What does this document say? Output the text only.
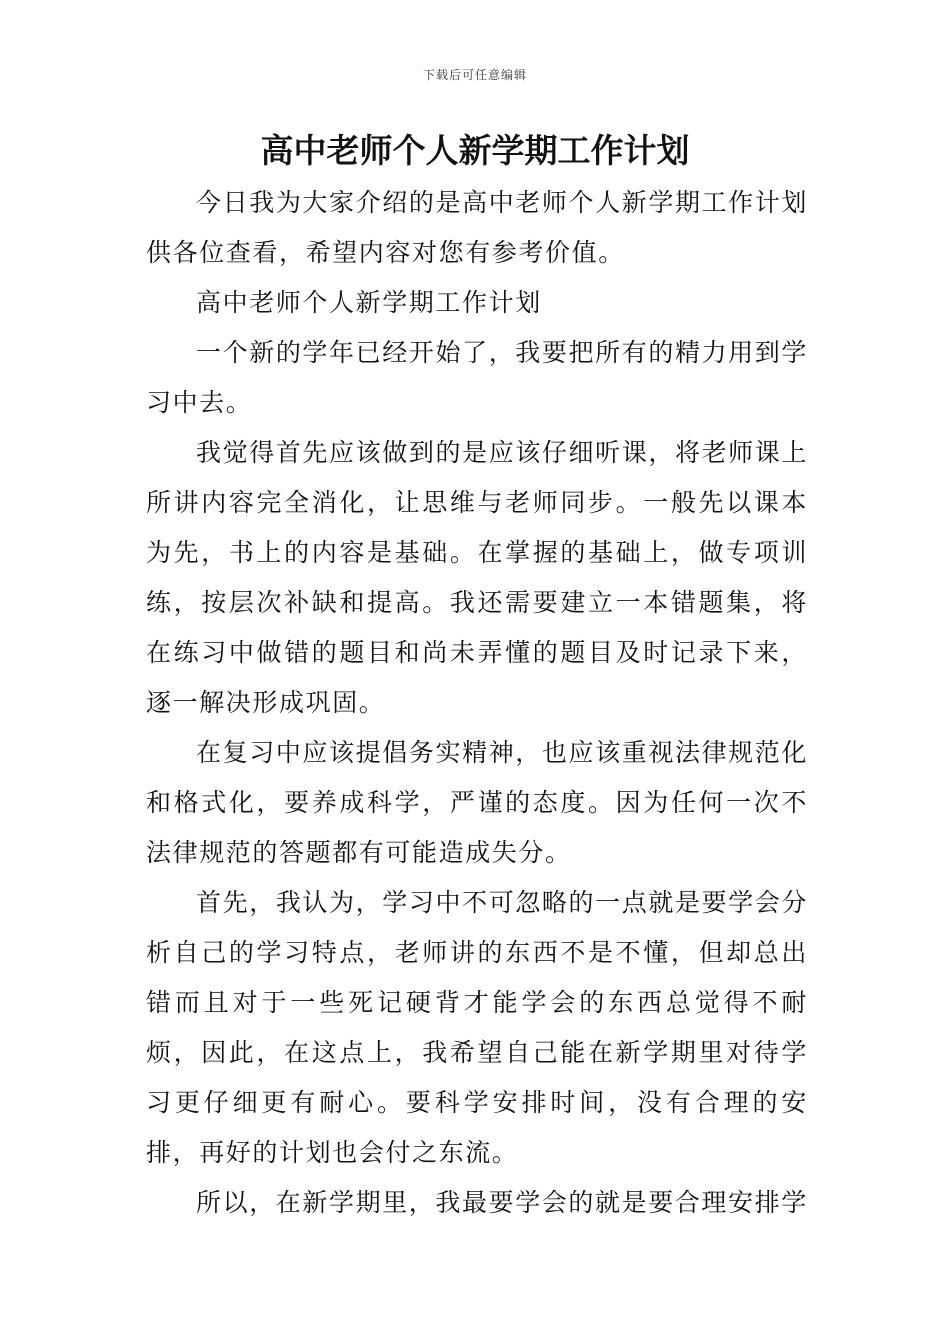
下载后可任意编辑
高中老师个人新学期工作计划

今日我为大家介绍的是高中老师个人新学期工作计划供各位查看，希望内容对您有参考价值。

高中老师个人新学期工作计划

一个新的学年已经开始了，我要把所有的精力用到学习中去。

我觉得首先应该做到的是应该仔细听课，将老师课上所讲内容完全消化，让思维与老师同步。一般先以课本为先，书上的内容是基础。在掌握的基础上，做专项训练，按层次补缺和提高。我还需要建立一本错题集，将在练习中做错的题目和尚未弄懂的题目及时记录下来，逐一解决形成巩固。

在复习中应该提倡务实精神，也应该重视法律规范化和格式化，要养成科学，严谨的态度。因为任何一次不法律规范的答题都有可能造成失分。

首先，我认为，学习中不可忽略的一点就是要学会分析自己的学习特点，老师讲的东西不是不懂，但却总出错而且对于一些死记硬背才能学会的东西总觉得不耐烦，因此，在这点上，我希望自己能在新学期里对待学习更仔细更有耐心。要科学安排时间，没有合理的安排，再好的计划也会付之东流。

所以，在新学期里，我最要学会的就是要合理安排学
